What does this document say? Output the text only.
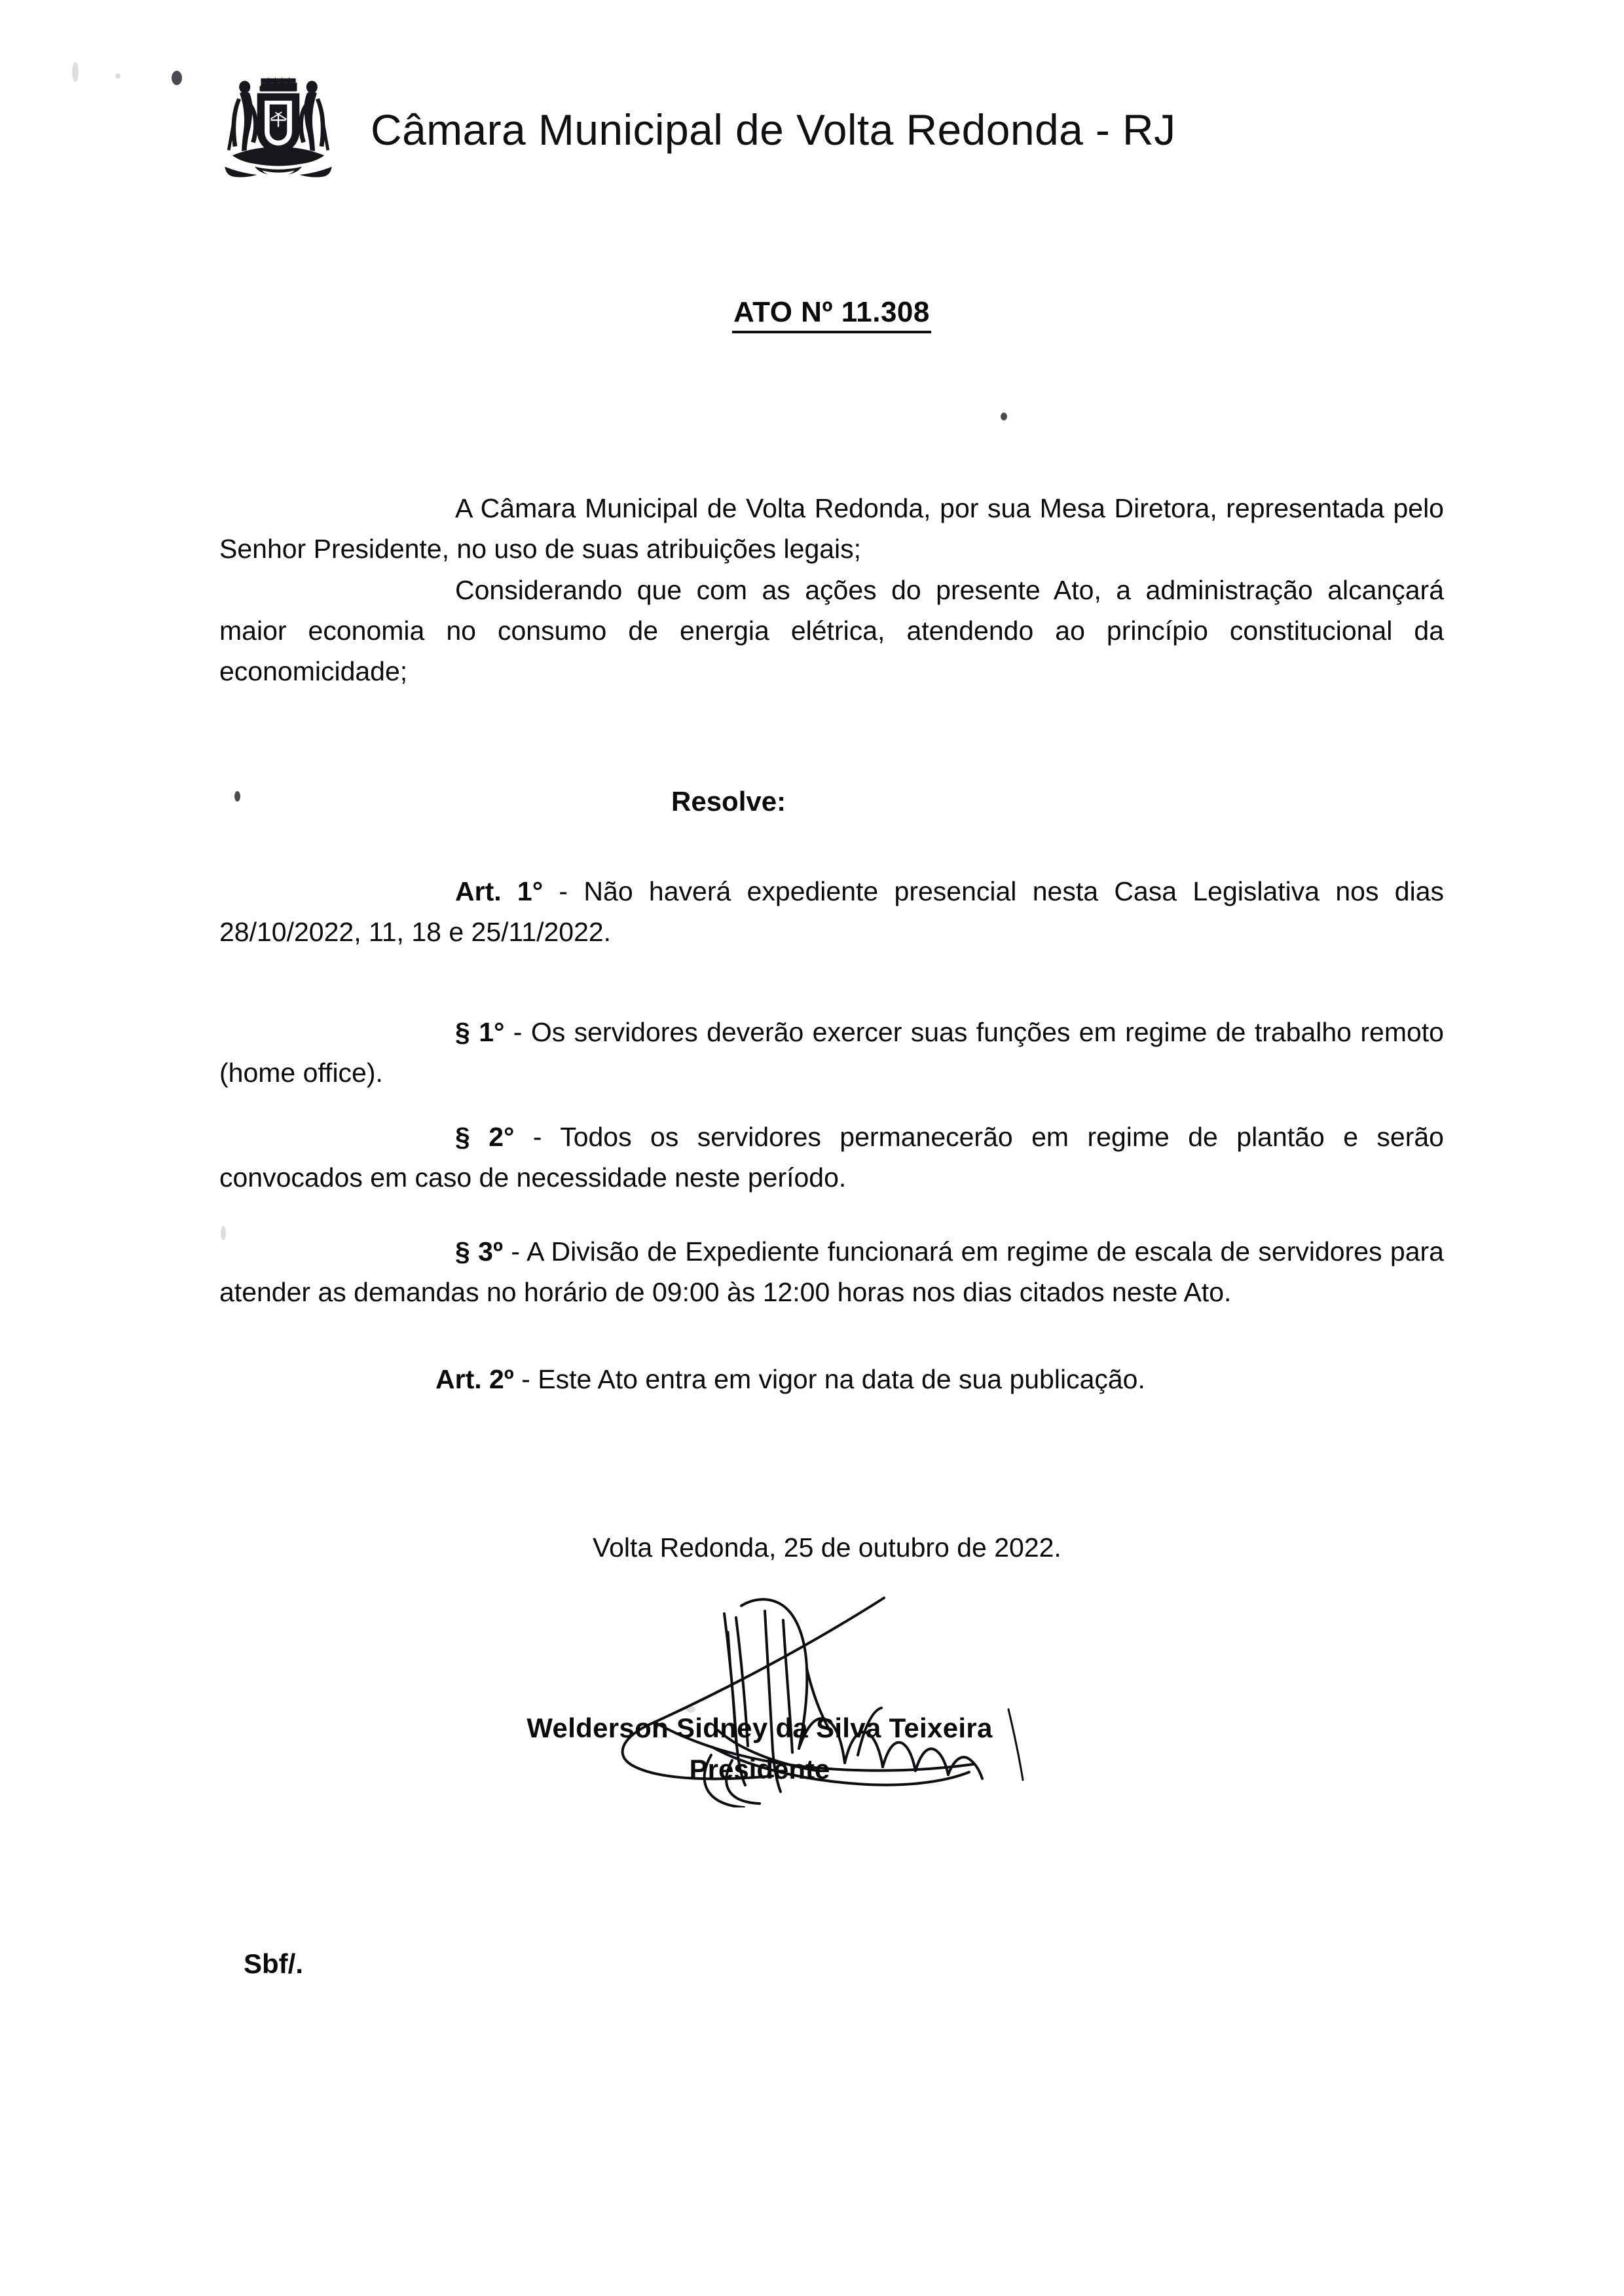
Câmara Municipal de Volta Redonda - RJ
ATO Nº 11.308

A Câmara Municipal de Volta Redonda, por sua Mesa Diretora, representada pelo Senhor Presidente, no uso de suas atribuições legais;

Considerando que com as ações do presente Ato, a administração alcançará maior economia no consumo de energia elétrica, atendendo ao princípio constitucional da economicidade;

Resolve:

Art. 1° - Não haverá expediente presencial nesta Casa Legislativa nos dias 28/10/2022, 11, 18 e 25/11/2022.

§ 1° - Os servidores deverão exercer suas funções em regime de trabalho remoto (home office).

§ 2° - Todos os servidores permanecerão em regime de plantão e serão convocados em caso de necessidade neste período.

§ 3º - A Divisão de Expediente funcionará em regime de escala de servidores para atender as demandas no horário de 09:00 às 12:00 horas nos dias citados neste Ato.

Art. 2º - Este Ato entra em vigor na data de sua publicação.

Volta Redonda, 25 de outubro de 2022.
Welderson Sidney da Silva Teixeira
Presidente
Sbf/.
